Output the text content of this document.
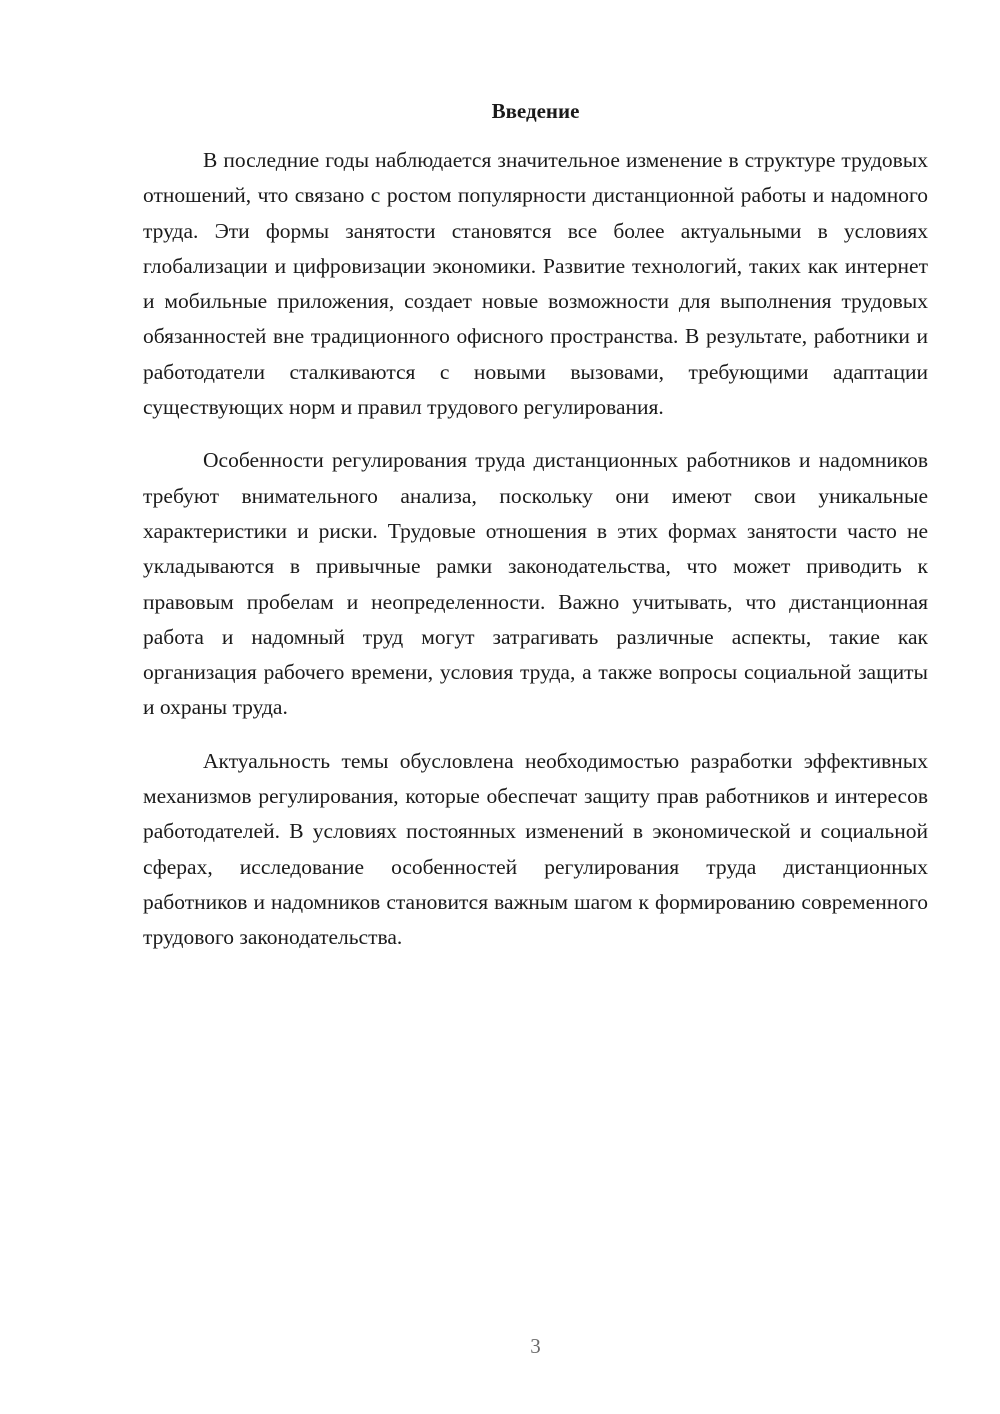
Введение

В последние годы наблюдается значительное изменение в структуре трудовых отношений, что связано с ростом популярности дистанционной работы и надомного труда. Эти формы занятости становятся все более актуальными в условиях глобализации и цифровизации экономики. Развитие технологий, таких как интернет и мобильные приложения, создает новые возможности для выполнения трудовых обязанностей вне традиционного офисного пространства. В результате, работники и работодатели сталкиваются с новыми вызовами, требующими адаптации существующих норм и правил трудового регулирования.

Особенности регулирования труда дистанционных работников и надомников требуют внимательного анализа, поскольку они имеют свои уникальные характеристики и риски. Трудовые отношения в этих формах занятости часто не укладываются в привычные рамки законодательства, что может приводить к правовым пробелам и неопределенности. Важно учитывать, что дистанционная работа и надомный труд могут затрагивать различные аспекты, такие как организация рабочего времени, условия труда, а также вопросы социальной защиты и охраны труда.

Актуальность темы обусловлена необходимостью разработки эффективных механизмов регулирования, которые обеспечат защиту прав работников и интересов работодателей. В условиях постоянных изменений в экономической и социальной сферах, исследование особенностей регулирования труда дистанционных работников и надомников становится важным шагом к формированию современного трудового законодательства.

3
